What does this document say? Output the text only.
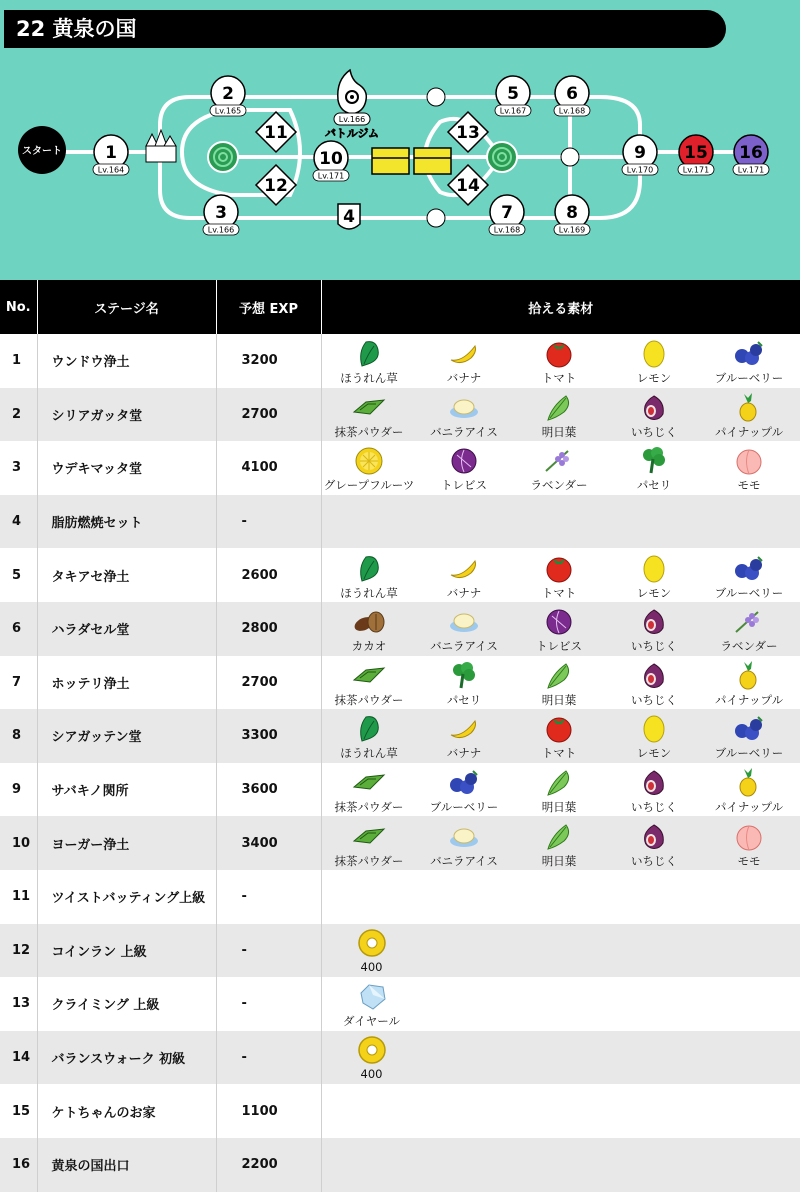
22 黄泉の国
スタート
Lv.166
バトルジム
1
Lv.164
2
Lv.165
3
Lv.166
4
5
Lv.167
6
Lv.168
7
Lv.168
8
Lv.169
9
Lv.170
10
Lv.171
11
12
13
14
15
Lv.171
16
Lv.171
No.	ステージ名	予想 EXP	拾える素材
1	ウンドウ浄土	3200	ほうれん草 バナナ トマト レモン ブルーベリー

2	シリアガッタ堂	2700	抹茶パウダー バニラアイス 明日葉 いちじく パイナップル

3	ウデキマッタ堂	4100	グレープフルーツ トレビス ラベンダー パセリ モモ

4	脂肪燃焼セット	-	

5	タキアセ浄土	2600	ほうれん草 バナナ トマト レモン ブルーベリー

6	ハラダセル堂	2800	カカオ バニラアイス トレビス いちじく ラベンダー

7	ホッテリ浄土	2700	抹茶パウダー パセリ 明日葉 いちじく パイナップル

8	シアガッテン堂	3300	ほうれん草 バナナ トマト レモン ブルーベリー

9	サバキノ関所	3600	抹茶パウダー ブルーベリー 明日葉 いちじく パイナップル

10	ヨーガー浄土	3400	抹茶パウダー バニラアイス 明日葉 いちじく モモ

11	ツイストバッティング上級	-	

12	コインラン 上級	-	400

13	クライミング 上級	-	ダイヤール

14	バランスウォーク 初級	-	400

15	ケトちゃんのお家	1100	

16	黄泉の国出口	2200	
